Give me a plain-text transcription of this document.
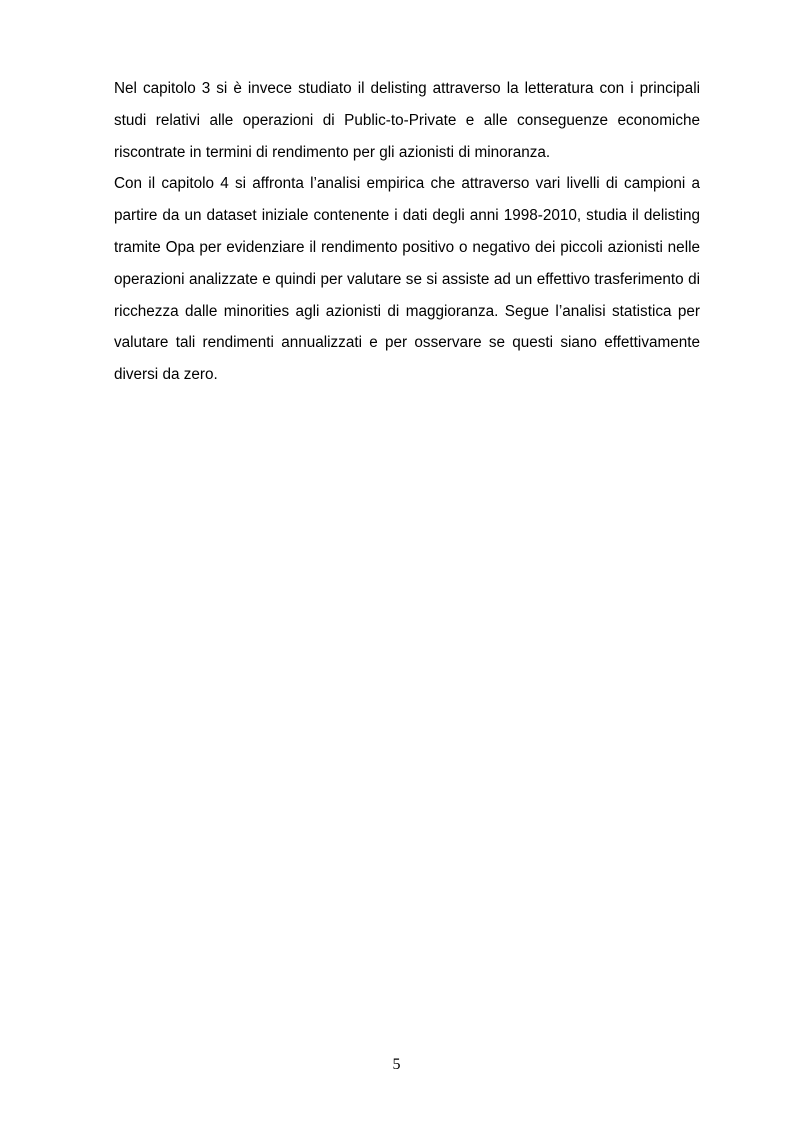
Nel capitolo 3 si è invece studiato il delisting attraverso la letteratura con i principali studi relativi alle operazioni di Public-to-Private e alle conseguenze economiche riscontrate in termini di rendimento per gli azionisti di minoranza.

Con il capitolo 4 si affronta l’analisi empirica che attraverso vari livelli di campioni a partire da un dataset iniziale contenente i dati degli anni 1998-2010, studia il delisting tramite Opa per evidenziare il rendimento positivo o negativo dei piccoli azionisti nelle operazioni analizzate e quindi per valutare se si assiste ad un effettivo trasferimento di ricchezza dalle minorities agli azionisti di maggioranza. Segue l’analisi statistica per valutare tali rendimenti annualizzati e per osservare se questi siano effettivamente diversi da zero.

5
